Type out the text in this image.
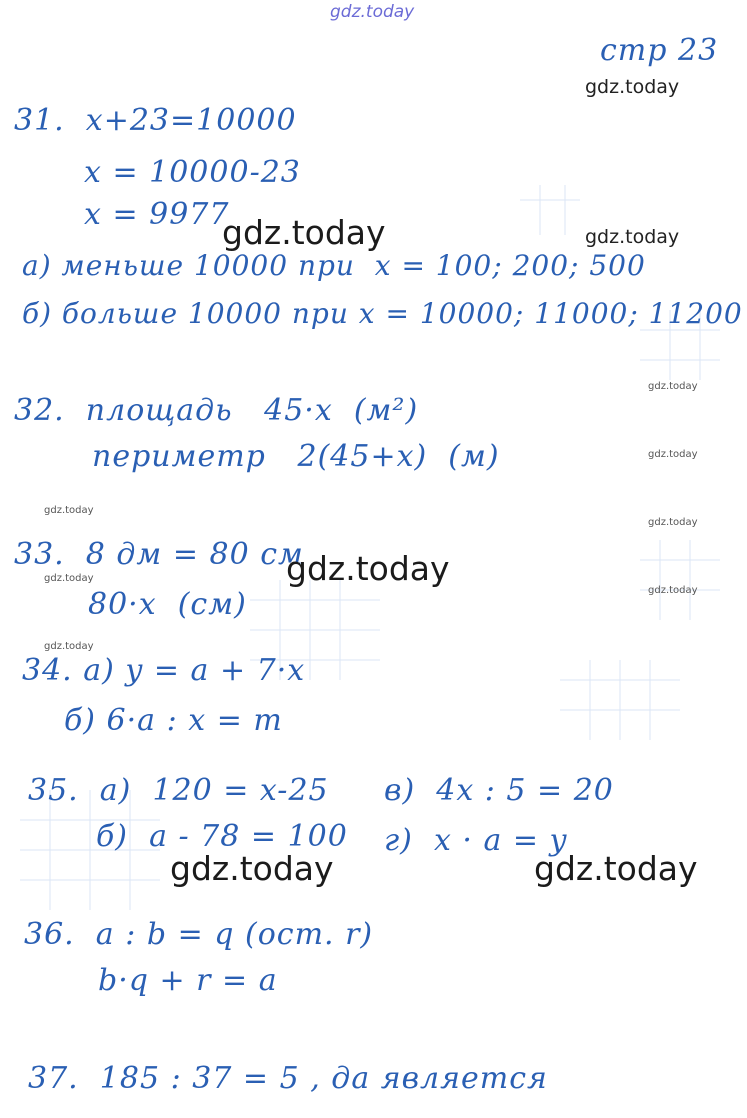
gdz.today
стр 23
gdz.today
31.  x+23=10000
x = 10000-23
x = 9977
а) меньше 10000 при  x = 100; 200; 500
б) больше 10000 при x = 10000; 11000; 11200
gdz.today	gdz.today
32.  площадь   45·x  (м²)
периметр   2(45+x)  (м)
gdz.today
gdz.today
gdz.today
gdz.today
33.  8 дм = 80 см
80·x  (см)
gdz.today
gdz.today
gdz.today
gdz.today
34. а) y = a + 7·x
б) 6·a : x = m
35.  а)  120 = x-25
б)  a - 78 = 100
в)  4x : 5 = 20
г)  x · a = y
gdz.today	gdz.today
36.  a : b = q (ост. r)
b·q + r = a
37.  185 : 37 = 5 , да является
